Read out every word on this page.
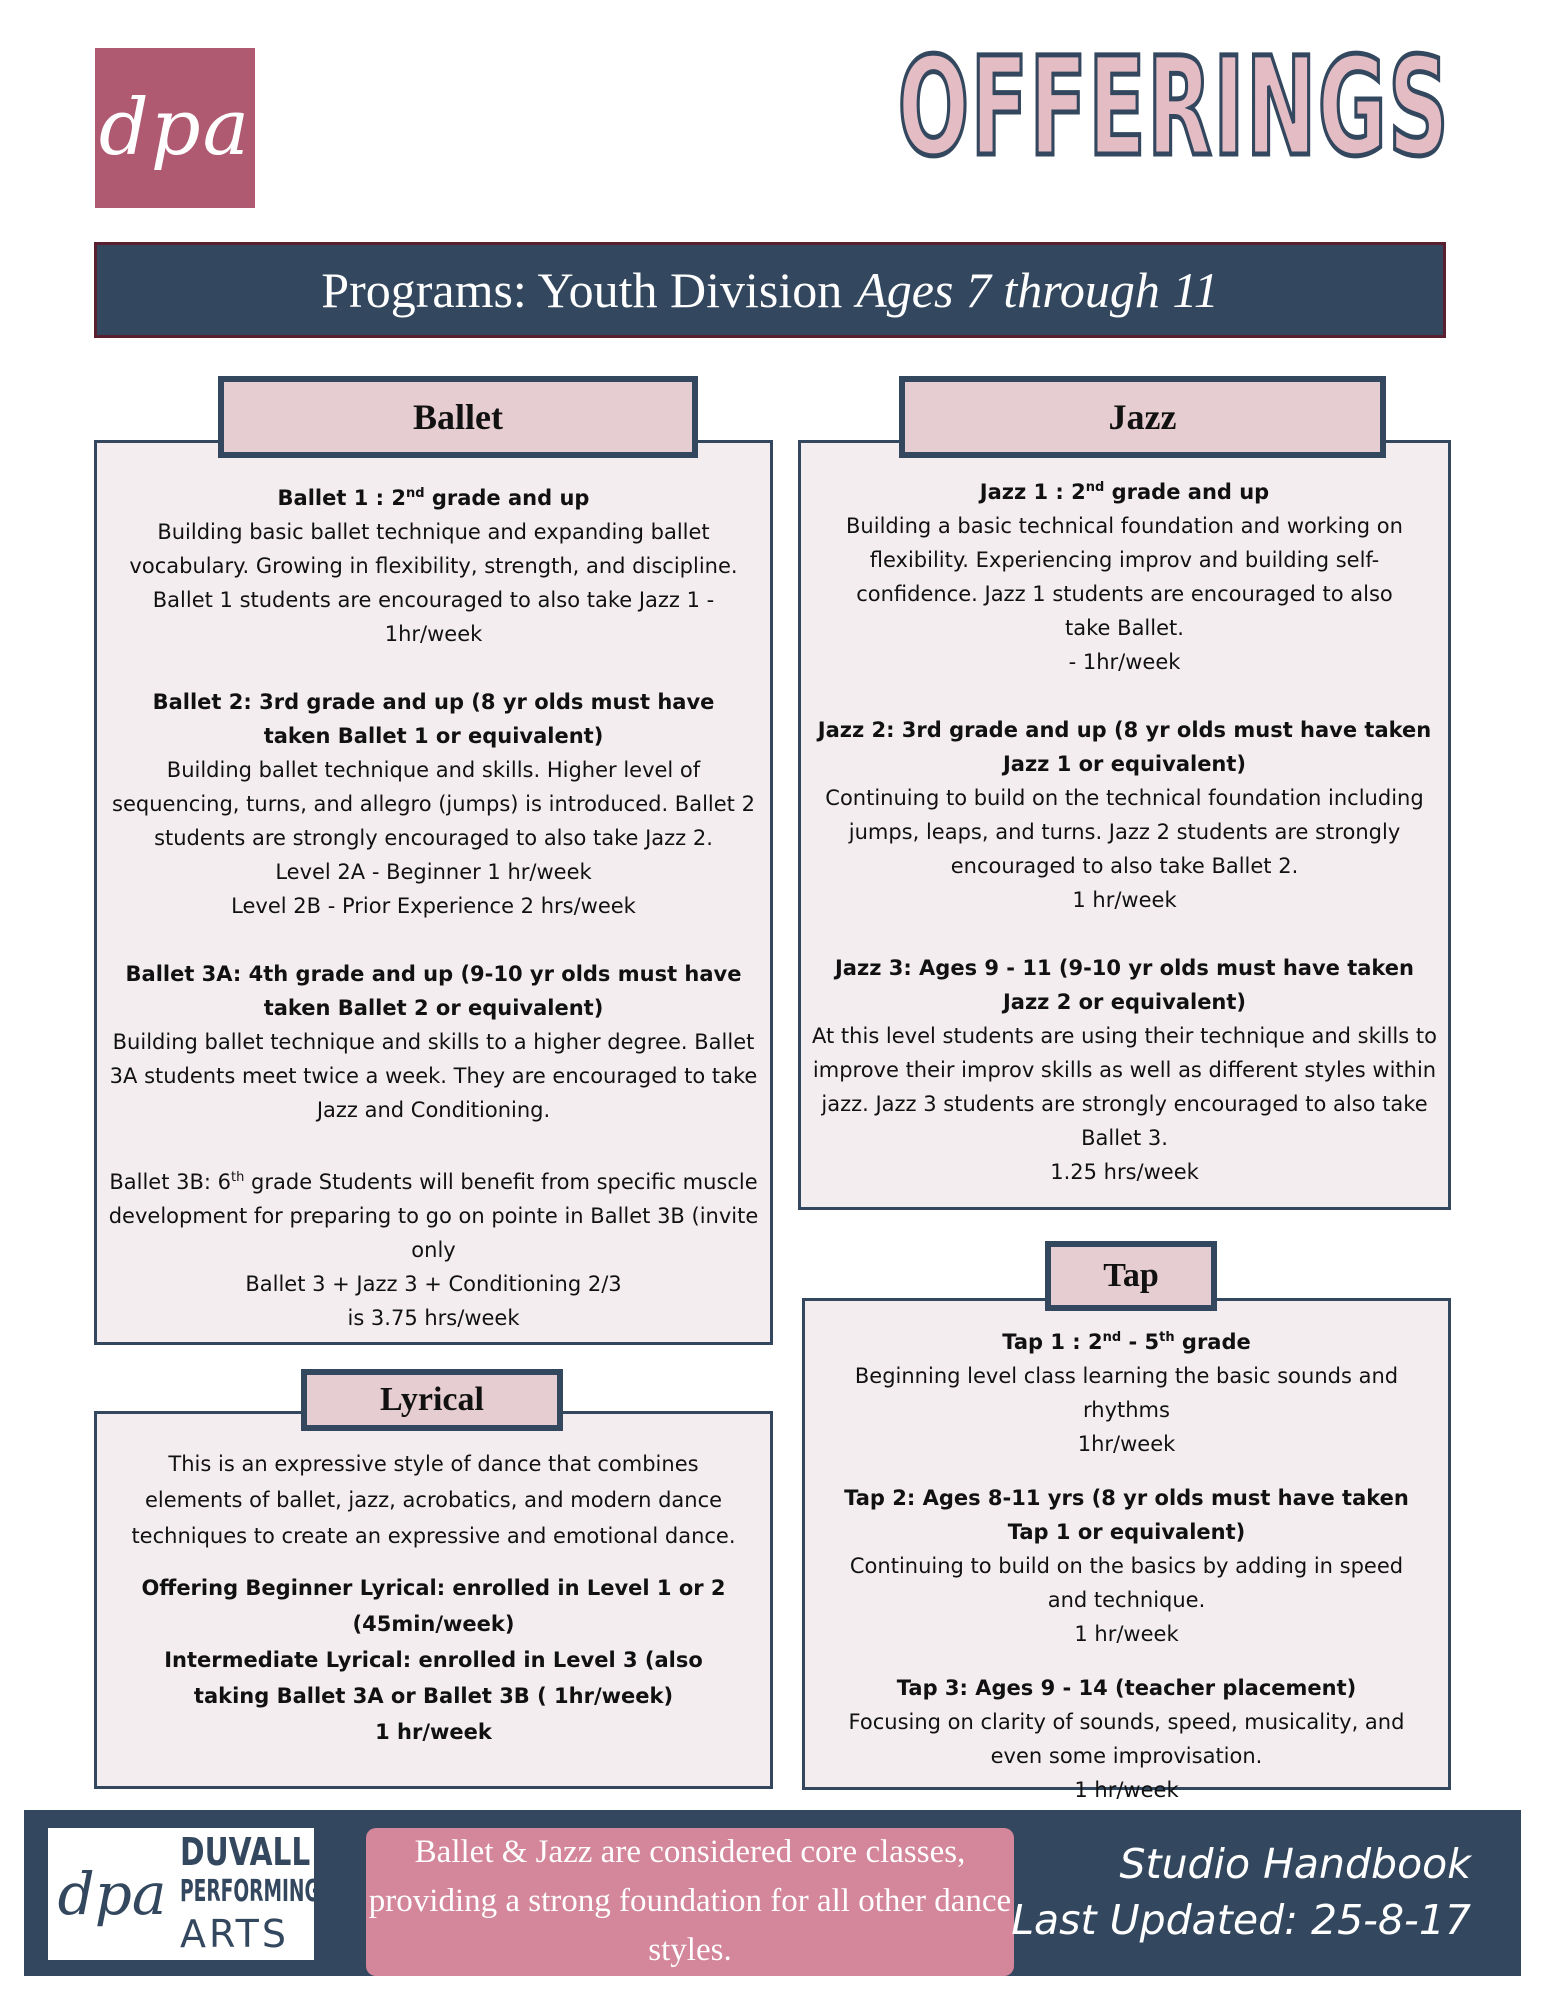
dpa	OFFERINGS
Programs: Youth Division Ages 7 through 11

Ballet 1 : 2nd grade and up

Building basic ballet technique and expanding ballet vocabulary. Growing in flexibility, strength, and discipline. Ballet 1 students are encouraged to also take Jazz 1 - 1hr/week

Ballet 2: 3rd grade and up (8 yr olds must have taken Ballet 1 or equivalent)

Building ballet technique and skills. Higher level of sequencing, turns, and allegro (jumps) is introduced. Ballet 2 students are strongly encouraged to also take Jazz 2.

Level 2A - Beginner 1 hr/week

Level 2B - Prior Experience 2 hrs/week

Ballet 3A: 4th grade and up (9-10 yr olds must have taken Ballet 2 or equivalent)

Building ballet technique and skills to a higher degree. Ballet 3A students meet twice a week. They are encouraged to take Jazz and Conditioning.

Ballet 3B: 6th grade Students will benefit from specific muscle development for preparing to go on pointe in Ballet 3B (invite only

Ballet 3 + Jazz 3 + Conditioning 2/3

is 3.75 hrs/week

Ballet

Jazz 1 : 2nd grade and up

Building a basic technical foundation and working on flexibility. Experiencing improv and building self-confidence. Jazz 1 students are encouraged to also take Ballet.

- 1hr/week

Jazz 2: 3rd grade and up (8 yr olds must have taken Jazz 1 or equivalent)

Continuing to build on the technical foundation including jumps, leaps, and turns. Jazz 2 students are strongly encouraged to also take Ballet 2.

1 hr/week

Jazz 3: Ages 9 - 11 (9-10 yr olds must have taken Jazz 2 or equivalent)

At this level students are using their technique and skills to improve their improv skills as well as different styles within jazz. Jazz 3 students are strongly encouraged to also take Ballet 3.

1.25 hrs/week

Jazz

This is an expressive style of dance that combines elements of ballet, jazz, acrobatics, and modern dance techniques to create an expressive and emotional dance.

Offering Beginner Lyrical: enrolled in Level 1 or 2 (45min/week)

Intermediate Lyrical: enrolled in Level 3 (also taking Ballet 3A or Ballet 3B ( 1hr/week)

1 hr/week

Lyrical

Tap 1 : 2nd - 5th grade

Beginning level class learning the basic sounds and rhythms

1hr/week

Tap 2: Ages 8-11 yrs (8 yr olds must have taken Tap 1 or equivalent)

Continuing to build on the basics by adding in speed and technique.

1 hr/week

Tap 3: Ages 9 - 14 (teacher placement)

Focusing on clarity of sounds, speed, musicality, and even some improvisation.

1 hr/week

Tap
dpa
DUVALL
PERFORMING
ARTS
Ballet & Jazz are considered core classes, providing a strong foundation for all other dance styles.
Studio Handbook
Last Updated: 25-8-17
